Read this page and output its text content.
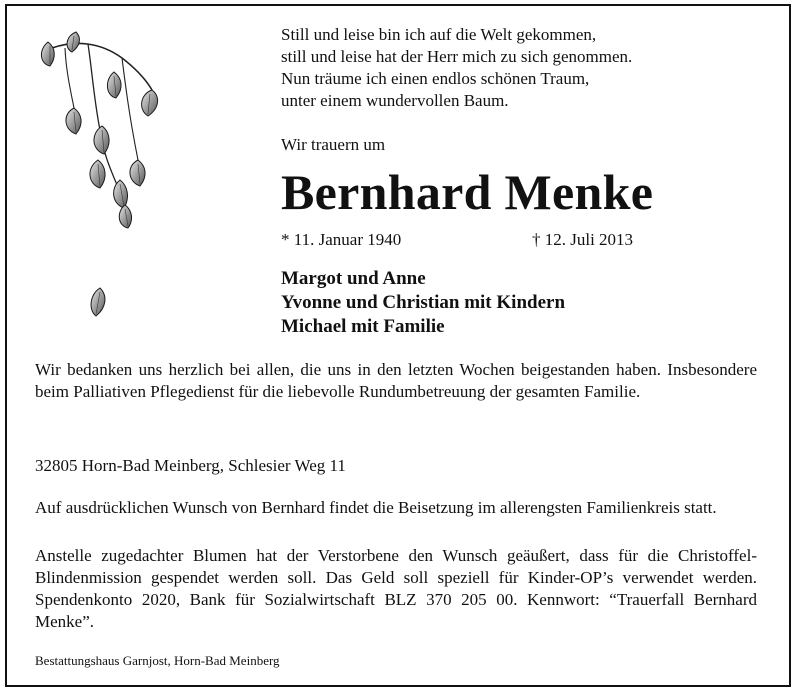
Still und leise bin ich auf die Welt gekommen,
still und leise hat der Herr mich zu sich genommen.
Nun träume ich einen endlos schönen Traum,
unter einem wundervollen Baum.
Wir trauern um
Bernhard Menke
* 11. Januar 1940	† 12. Juli 2013
Margot und Anne
Yvonne und Christian mit Kindern
Michael mit Familie
Wir bedanken uns herzlich bei allen, die uns in den letzten Wochen beigestanden haben. Insbesondere beim Palliativen Pflegedienst für die liebevolle Rundumbetreuung der gesamten Familie.
32805 Horn-Bad Meinberg, Schlesier Weg 11
Auf ausdrücklichen Wunsch von Bernhard findet die Beisetzung im allerengsten Familienkreis statt.
Anstelle zugedachter Blumen hat der Verstorbene den Wunsch geäußert, dass für die Christoffel-Blindenmission gespendet werden soll. Das Geld soll speziell für Kinder-OP’s verwendet werden. Spendenkonto 2020, Bank für Sozialwirtschaft BLZ 370 205 00. Kennwort: “Trauerfall Bernhard Menke”.
Bestattungshaus Garnjost, Horn-Bad Meinberg
